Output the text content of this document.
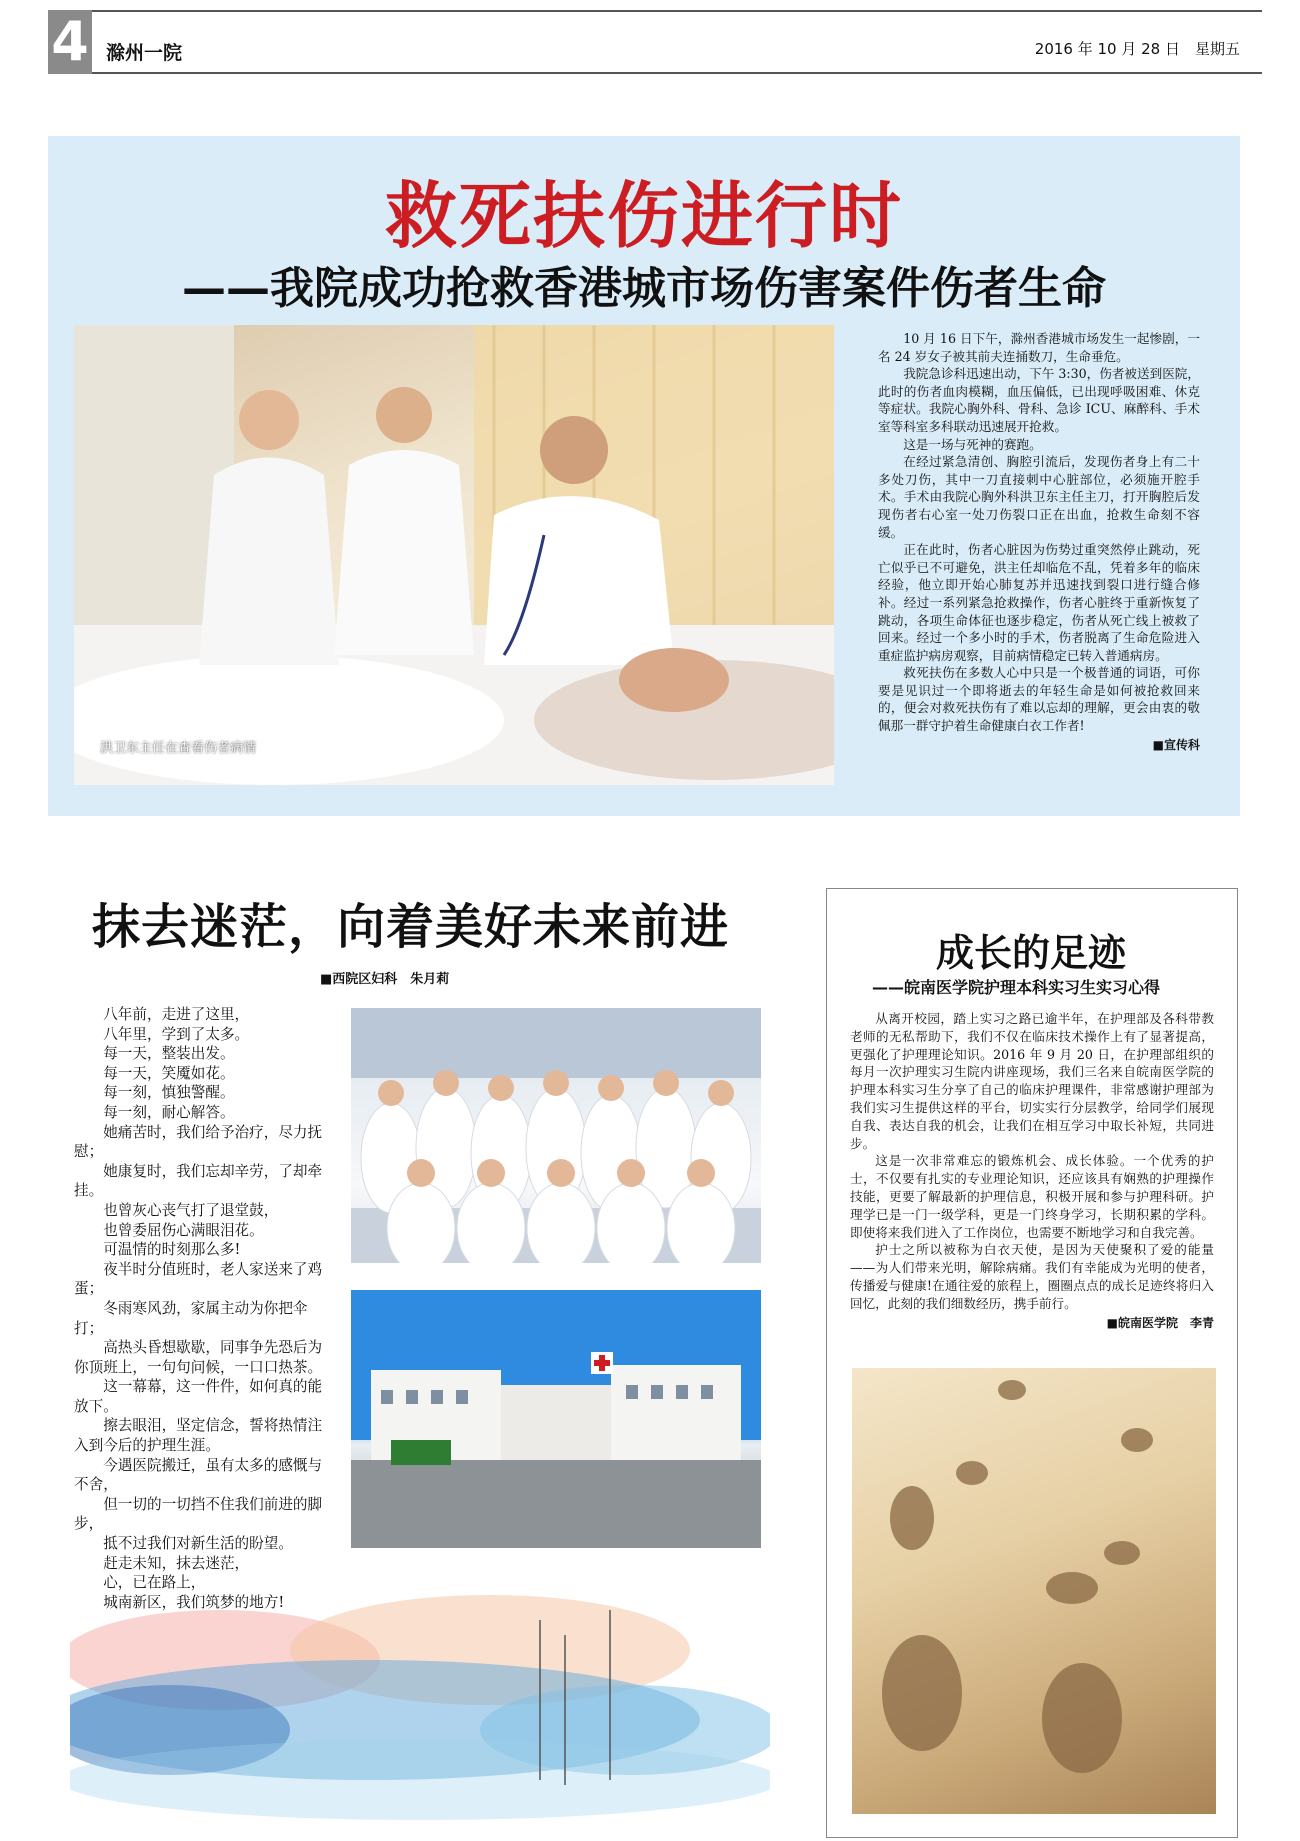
4 滁州一院	2016 年 10 月 28 日　星期五
救死扶伤进行时
——我院成功抢救香港城市场伤害案件伤者生命
洪卫东主任在查看伤者病情

10 月 16 日下午，滁州香港城市场发生一起惨剧，一名 24 岁女子被其前夫连捅数刀，生命垂危。

我院急诊科迅速出动，下午 3:30，伤者被送到医院，此时的伤者血肉模糊，血压偏低，已出现呼吸困难、休克等症状。我院心胸外科、骨科、急诊 ICU、麻醉科、手术室等科室多科联动迅速展开抢救。

这是一场与死神的赛跑。

在经过紧急清创、胸腔引流后，发现伤者身上有二十多处刀伤，其中一刀直接刺中心脏部位，必须施开腔手术。手术由我院心胸外科洪卫东主任主刀，打开胸腔后发现伤者右心室一处刀伤裂口正在出血，抢救生命刻不容缓。

正在此时，伤者心脏因为伤势过重突然停止跳动，死亡似乎已不可避免，洪主任却临危不乱，凭着多年的临床经验，他立即开始心肺复苏并迅速找到裂口进行缝合修补。经过一系列紧急抢救操作，伤者心脏终于重新恢复了跳动，各项生命体征也逐步稳定，伤者从死亡线上被救了回来。经过一个多小时的手术，伤者脱离了生命危险进入重症监护病房观察，目前病情稳定已转入普通病房。

救死扶伤在多数人心中只是一个极普通的词语，可你要是见识过一个即将逝去的年轻生命是如何被抢救回来的，便会对救死扶伤有了难以忘却的理解，更会由衷的敬佩那一群守护着生命健康白衣工作者!

■宣传科
抹去迷茫，向着美好未来前进
■西院区妇科　朱月莉
八年前，走进了这里，
八年里，学到了太多。
每一天，整装出发。
每一天，笑魇如花。
每一刻，慎独警醒。
每一刻，耐心解答。
她痛苦时，我们给予治疗，尽力抚慰；
她康复时，我们忘却辛劳，了却牵挂。
也曾灰心丧气打了退堂鼓，
也曾委屈伤心满眼泪花。
可温情的时刻那么多!
夜半时分值班时，老人家送来了鸡蛋；
冬雨寒风劲，家属主动为你把伞打；
高热头昏想歇歇，同事争先恐后为你顶班上，一句句问候，一口口热茶。
这一幕幕，这一件件，如何真的能放下。
擦去眼泪，坚定信念，誓将热情注入到今后的护理生涯。
今遇医院搬迁，虽有太多的感慨与不舍，
但一切的一切挡不住我们前进的脚步，
抵不过我们对新生活的盼望。
赶走未知，抹去迷茫，
心，已在路上，
城南新区，我们筑梦的地方!
成长的足迹
——皖南医学院护理本科实习生实习心得

从离开校园，踏上实习之路已逾半年，在护理部及各科带教老师的无私帮助下，我们不仅在临床技术操作上有了显著提高，更强化了护理理论知识。2016 年 9 月 20 日，在护理部组织的每月一次护理实习生院内讲座现场，我们三名来自皖南医学院的护理本科实习生分享了自己的临床护理课件，非常感谢护理部为我们实习生提供这样的平台，切实实行分层教学，给同学们展现自我、表达自我的机会，让我们在相互学习中取长补短，共同进步。

这是一次非常难忘的锻炼机会、成长体验。一个优秀的护士，不仅要有扎实的专业理论知识，还应该具有娴熟的护理操作技能，更要了解最新的护理信息，积极开展和参与护理科研。护理学已是一门一级学科，更是一门终身学习，长期积累的学科。即使将来我们进入了工作岗位，也需要不断地学习和自我完善。

护士之所以被称为白衣天使，是因为天使聚积了爱的能量——为人们带来光明，解除病痛。我们有幸能成为光明的使者，传播爱与健康!在通往爱的旅程上，圈圈点点的成长足迹终将归入回忆，此刻的我们细数经历，携手前行。

■皖南医学院　李青
